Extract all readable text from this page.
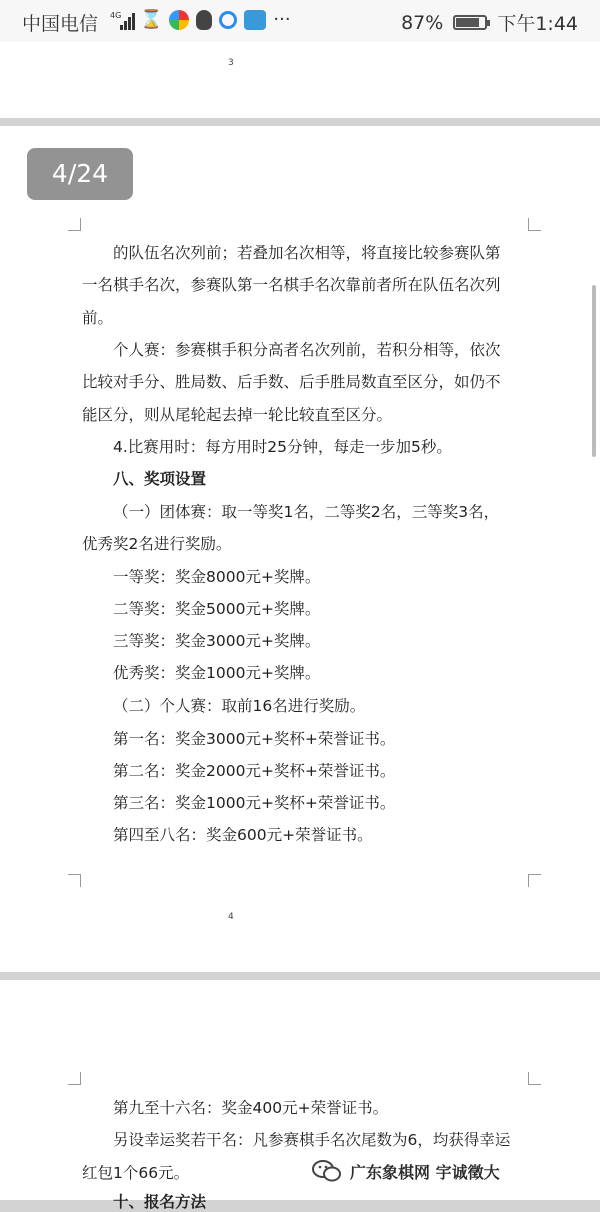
中国电信 4G ⌛	···	87%	下午1:44
3
4
的队伍名次列前；若叠加名次相等，将直接比较参赛队第
一名棋手名次，参赛队第一名棋手名次靠前者所在队伍名次列
前。
个人赛：参赛棋手积分高者名次列前，若积分相等，依次
比较对手分、胜局数、后手数、后手胜局数直至区分，如仍不
能区分，则从尾轮起去掉一轮比较直至区分。
4.比赛用时：每方用时25分钟，每走一步加5秒。
八、奖项设置
（一）团体赛：取一等奖1名，二等奖2名，三等奖3名，
优秀奖2名进行奖励。
一等奖：奖金8000元+奖牌。
二等奖：奖金5000元+奖牌。
三等奖：奖金3000元+奖牌。
优秀奖：奖金1000元+奖牌。
（二）个人赛：取前16名进行奖励。
第一名：奖金3000元+奖杯+荣誉证书。
第二名：奖金2000元+奖杯+荣誉证书。
第三名：奖金1000元+奖杯+荣誉证书。
第四至八名：奖金600元+荣誉证书。
第九至十六名：奖金400元+荣誉证书。
另设幸运奖若干名：凡参赛棋手名次尾数为6，均获得幸运
红包1个66元。
十、报名方法
4/24
广东象棋网 宇诚徵大
